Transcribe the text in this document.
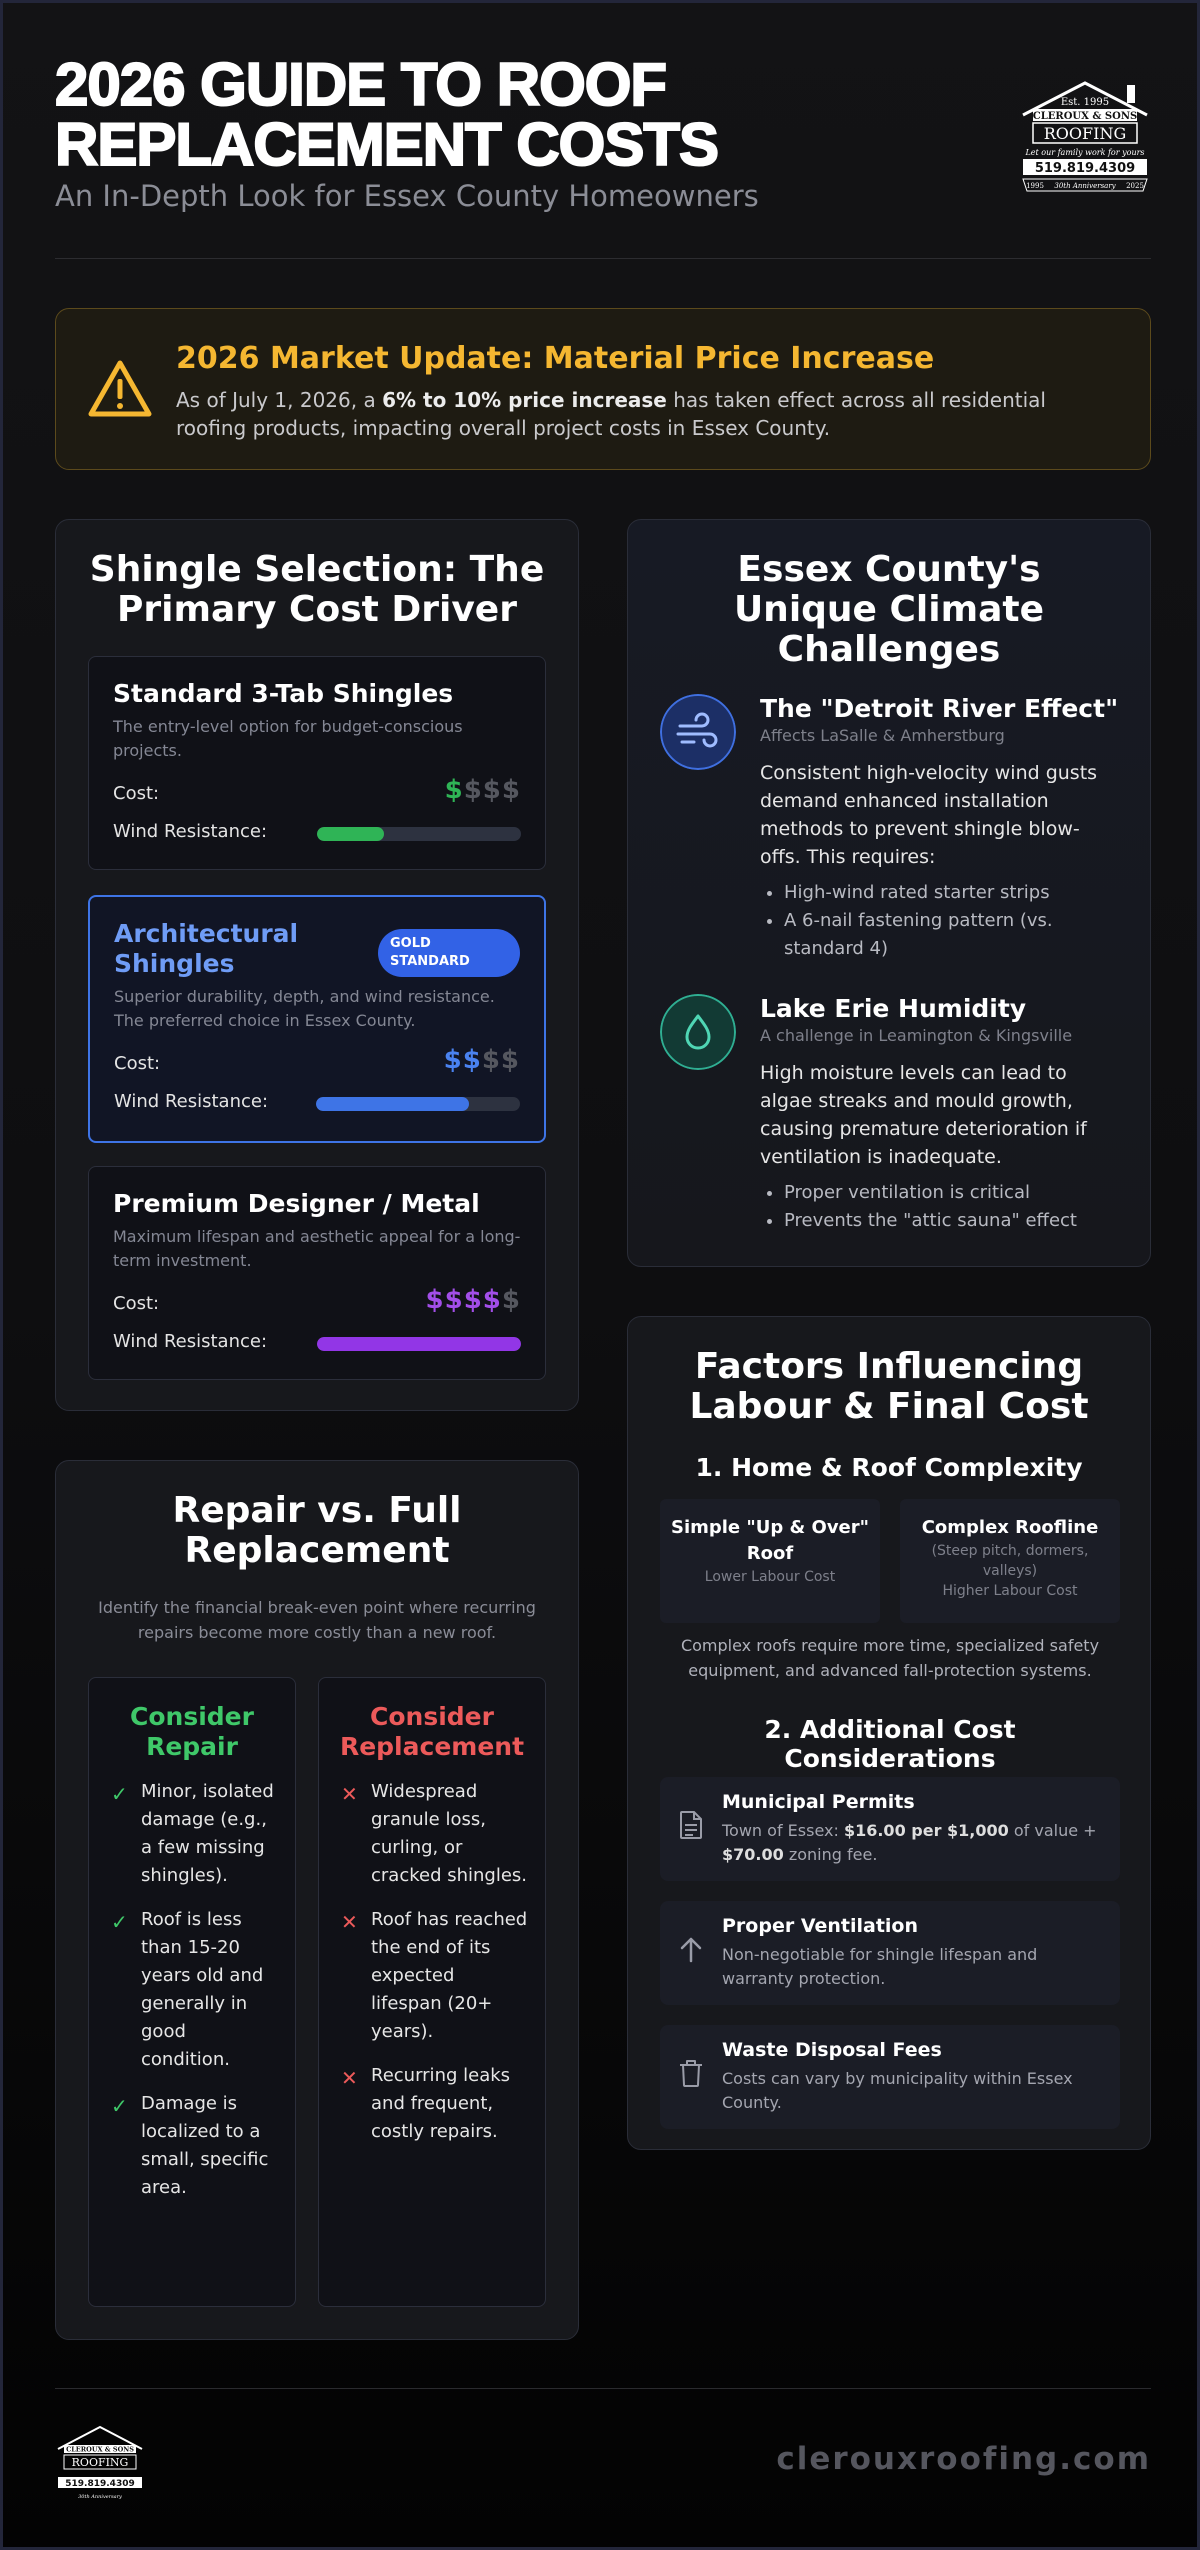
2026 GUIDE TO ROOF REPLACEMENT COSTS
An In-Depth Look for Essex County Homeowners
Est. 1995
CLEROUX & SONS
ROOFING
Let our family work for yours
519.819.4309
1995 30th Anniversary 2025
2026 Market Update: Material Price Increase
As of July 1, 2026, a 6% to 10% price increase has taken effect across all residential roofing products, impacting overall project costs in Essex County.
Shingle Selection: The Primary Cost Driver
Standard 3-Tab Shingles

The entry-level option for budget-conscious projects.

Cost:	$$$$
Wind Resistance:
Architectural Shingles
GOLD STANDARD

Superior durability, depth, and wind resistance. The preferred choice in Essex County.

Cost:	$$$$
Wind Resistance:
Premium Designer / Metal

Maximum lifespan and aesthetic appeal for a long-term investment.

Cost:	$$$$$
Wind Resistance:
Essex County's Unique Climate Challenges
The "Detroit River Effect"
Affects LaSalle & Amherstburg
Consistent high-velocity wind gusts demand enhanced installation methods to prevent shingle blow-offs. This requires:
• High-wind rated starter strips
• A 6-nail fastening pattern (vs. standard 4)
Lake Erie Humidity
A challenge in Leamington & Kingsville
High moisture levels can lead to algae streaks and mould growth, causing premature deterioration if ventilation is inadequate.
• Proper ventilation is critical
• Prevents the "attic sauna" effect
Factors Influencing Labour & Final Cost
1. Home & Roof Complexity
Simple "Up & Over" Roof
Lower Labour Cost
Complex Roofline
(Steep pitch, dormers, valleys)
Higher Labour Cost
Complex roofs require more time, specialized safety equipment, and advanced fall-protection systems.
2. Additional Cost Considerations
Municipal Permits

Town of Essex: $16.00 per $1,000 of value + $70.00 zoning fee.

Proper Ventilation

Non-negotiable for shingle lifespan and warranty protection.

Waste Disposal Fees

Costs can vary by municipality within Essex County.

Repair vs. Full Replacement
Identify the financial break-even point where recurring repairs become more costly than a new roof.
Consider Repair
✓ Minor, isolated damage (e.g., a few missing shingles).
✓ Roof is less than 15-20 years old and generally in good condition.
✓ Damage is localized to a small, specific area.
Consider Replacement
✕ Widespread granule loss, curling, or cracked shingles.
✕ Roof has reached the end of its expected lifespan (20+ years).
✕ Recurring leaks and frequent, costly repairs.
CLEROUX & SONS
ROOFING
519.819.4309
30th Anniversary
clerouxroofing.com
